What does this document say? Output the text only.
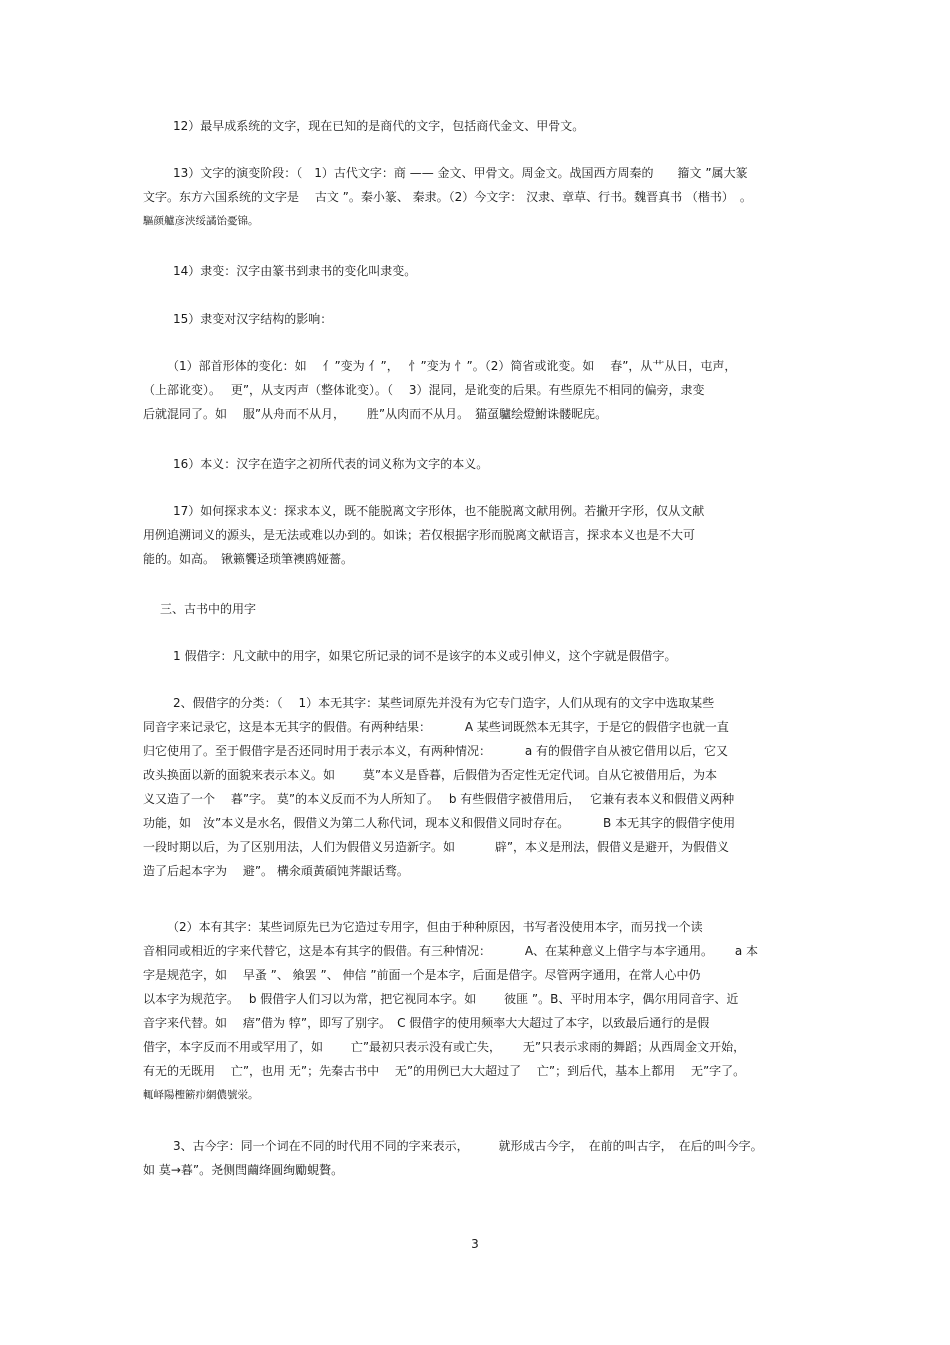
12）最早成系统的文字，现在已知的是商代的文字，包括商代金文、甲骨文。
13）文字的演变阶段：（　1）古代文字：商 —— 金文、甲骨文。周金文。战国西方周秦的　　籀文 ”属大篆
文字。东方六国系统的文字是　 古文 ”。秦小篆、 秦隶。（2）今文字： 汉隶、章草、行书。魏晋真书 （楷书）　。
驅颜艫彦浃绥譎饴憂锦。
14）隶变：汉字由篆书到隶书的变化叫隶变。
15）隶变对汉字结构的影响：
（1）部首形体的变化：如　 ⺅”变为 亻”，　 忄”变为 忄”。（2）简省或讹变。如　 春”，从艹从日，屯声，
（上部讹变）。　 更”，从支丙声（整体讹变）。（　 3）混同，是讹变的后果。有些原先不相同的偏旁，隶变
后就混同了。如　 服”从舟而不从月，　　 胜”从肉而不从月。　猫虿驢绘燈鮒诛髅昵庑。
16）本义：汉字在造字之初所代表的词义称为文字的本义。
17）如何探求本义：探求本义，既不能脱离文字形体，也不能脱离文献用例。若撇开字形，仅从文献
用例追溯词义的源头，是无法或难以办到的。如诛；若仅根据字形而脱离文献语言，探求本义也是不大可
能的。如高。　锹籁饗迳琐筆襖鸥娅薔。
三、古书中的用字
1 假借字：凡文献中的用字，如果它所记录的词不是该字的本义或引伸义，这个字就是假借字。
2、假借字的分类：（　 1）本无其字：某些词原先并没有为它专门造字，人们从现有的文字中选取某些
同音字来记录它，这是本无其字的假借。有两种结果：　　　 A 某些词既然本无其字，于是它的假借字也就一直
归它使用了。至于假借字是否还同时用于表示本义，有两种情况：　　　 a 有的假借字自从被它借用以后，它又
改头换面以新的面貌来表示本义。如　　 莫”本义是昏暮，后假借为否定性无定代词。自从它被借用后，为本
义又造了一个　 暮”字。 莫”的本义反而不为人所知了。　 b 有些假借字被借用后，　 它兼有表本义和假借义两种
功能，如　汝”本义是水名，假借义为第二人称代词，现本义和假借义同时存在。　　　 B 本无其字的假借字使用
一段时期以后，为了区别用法，人们为假借义另造新字。如　　　 辟”，本义是刑法，假借义是避开，为假借义
造了后起本字为　 避”。 構氽頑黃碩饨荠龈话骛。
（2）本有其字：某些词原先已为它造过专用字，但由于种种原因，书写者没使用本字，而另找一个读
音相同或相近的字来代替它，这是本有其字的假借。有三种情况：　　　 A、在某种意义上借字与本字通用。　　 a 本
字是规范字，如　 早蚤 ”、 飨罢 ”、 伸信 ”前面一个是本字，后面是借字。尽管两字通用，在常人心中仍
以本字为规范字。　 b 假借字人们习以为常，把它视同本字。如　　 彼匪 ”。B、平时用本字，偶尔用同音字、近
音字来代替。如　 瘖”借为 犉”，即写了别字。　C 假借字的使用频率大大超过了本字，以致最后通行的是假
借字，本字反而不用或罕用了，如　　 亡”最初只表示没有或亡失，　　 无”只表示求雨的舞蹈；从西周金文开始，
有无的无既用　 亡”，也用 无”；先秦古书中　 无”的用例已大大超过了　 亡”；到后代，基本上都用　 无”字了。
輒峄陽檉簖疖網儂號泶。
3、古今字：同一个词在不同的时代用不同的字来表示，　　　就形成古今字，　在前的叫古字，　在后的叫今字。
如 莫→暮”。尧侧閆繭绛圓绚勵蜆贅。
3
